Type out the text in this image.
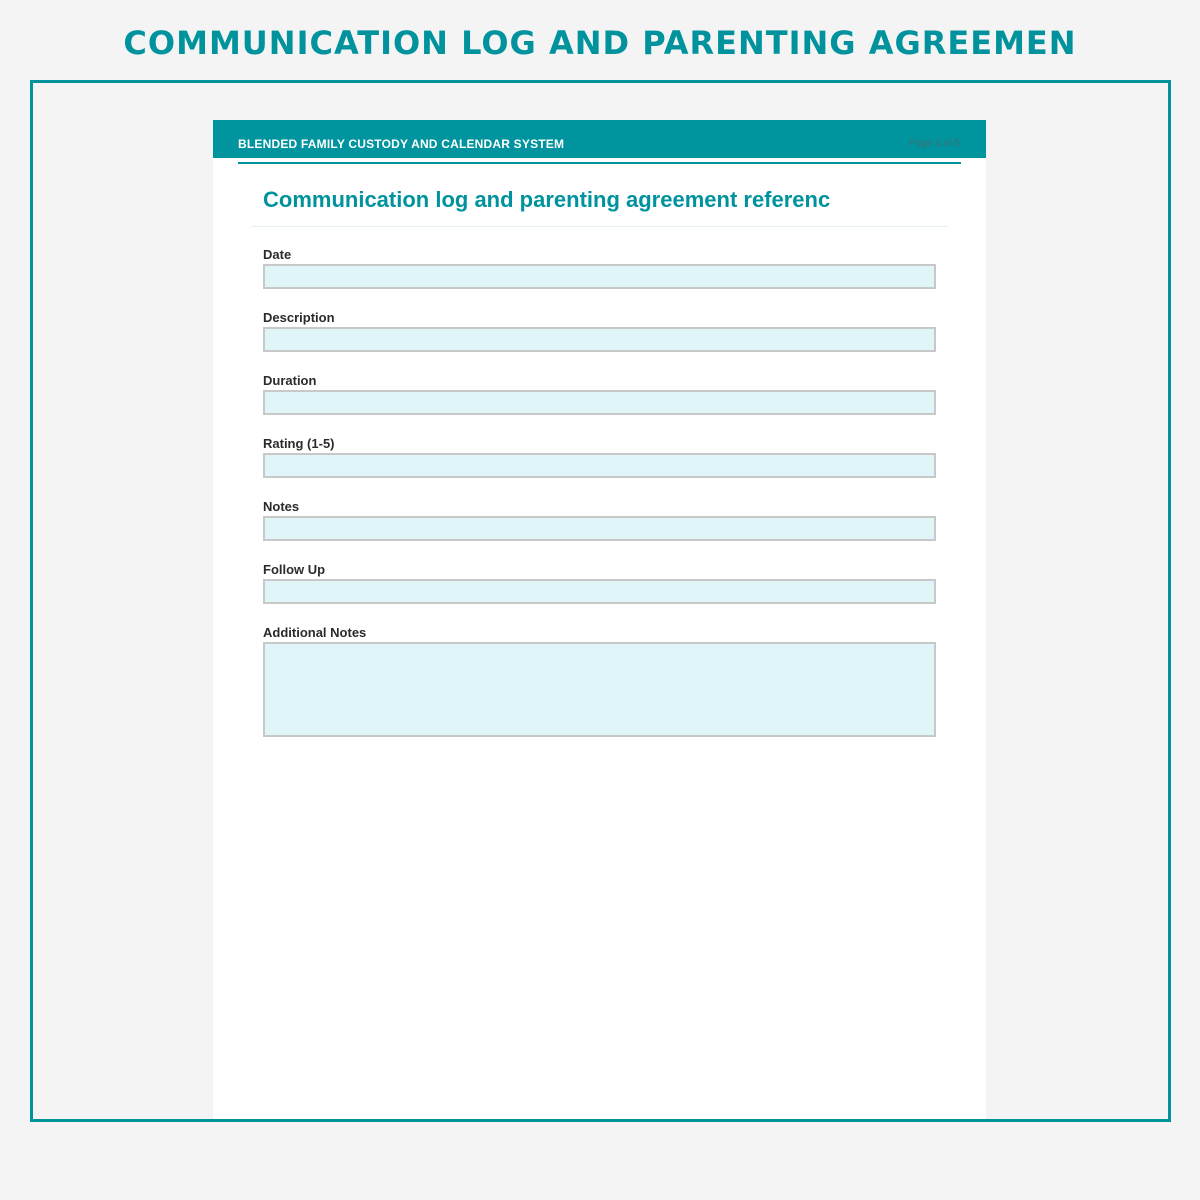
COMMUNICATION LOG AND PARENTING AGREEMEN
BLENDED FAMILY CUSTODY AND CALENDAR SYSTEM	Page 4 of 5
Communication log and parenting agreement referenc
Date
Description
Duration
Rating (1-5)
Notes
Follow Up
Additional Notes
